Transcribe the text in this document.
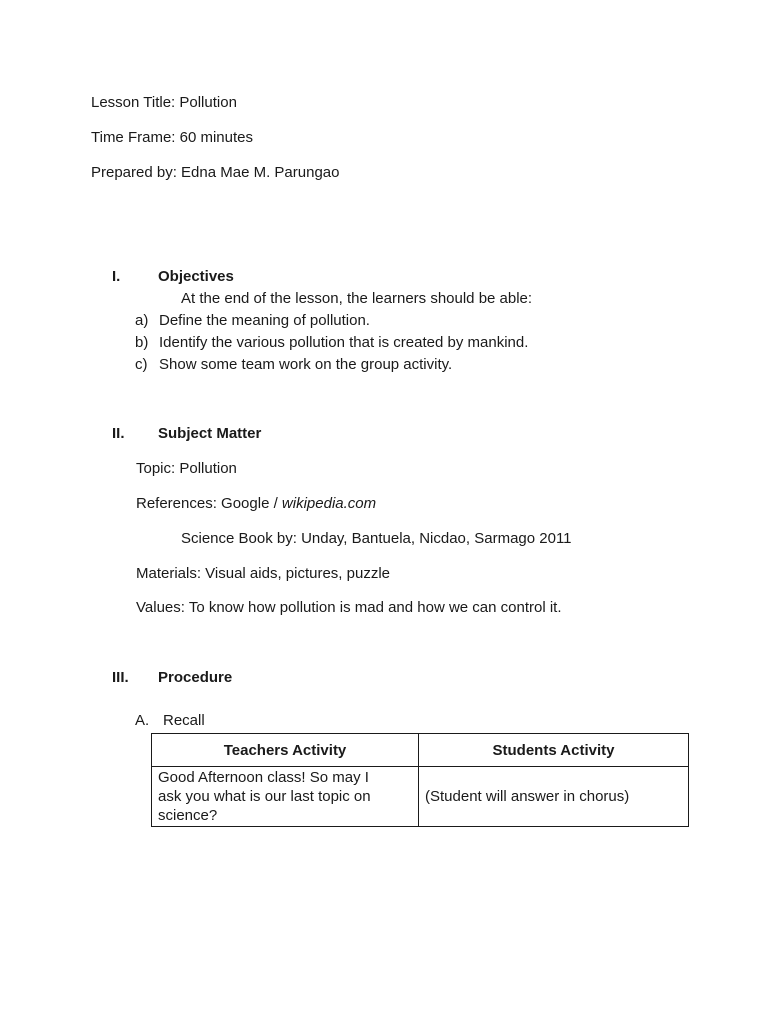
Lesson Title: Pollution
Time Frame: 60 minutes
Prepared by: Edna Mae M. Parungao
I.	Objectives
At the end of the lesson, the learners should be able:
a) Define the meaning of pollution.
b) Identify the various pollution that is created by mankind.
c) Show some team work on the group activity.
II. Subject Matter
Topic: Pollution
References: Google / wikipedia.com
Science Book by: Unday, Bantuela, Nicdao, Sarmago 2011
Materials: Visual aids, pictures, puzzle
Values: To know how pollution is mad and how we can control it.
III. Procedure
A. Recall
Teachers Activity	Students Activity

Good Afternoon class! So may I
ask you what is our last topic on
science?	(Student will answer in chorus)
